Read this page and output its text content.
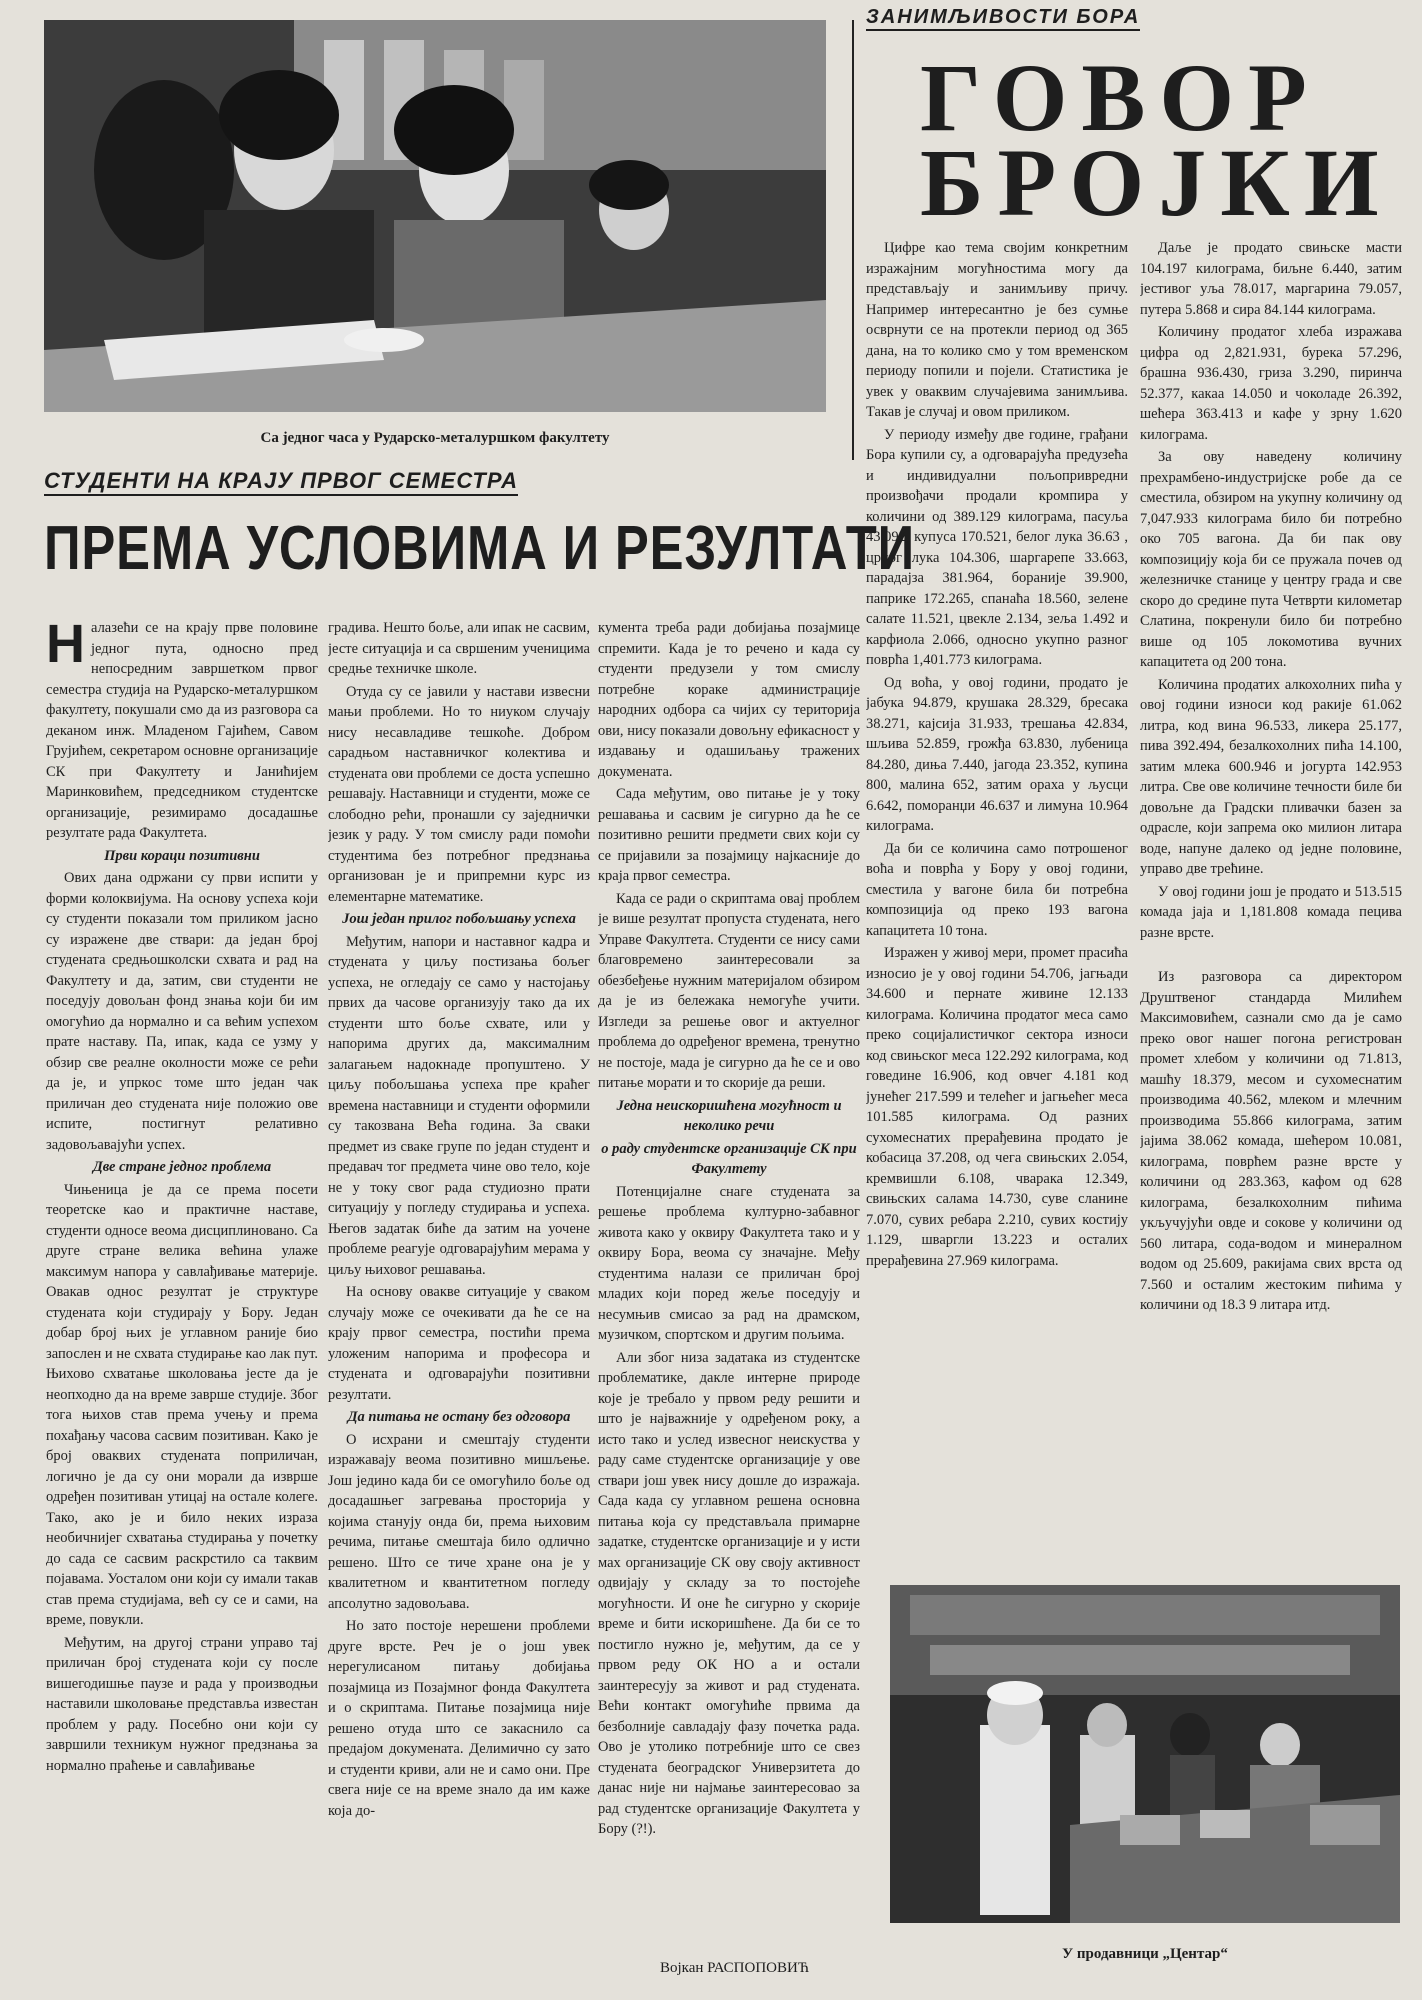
Са једног часа у Рударско-металуршком факултету
СТУДЕНТИ НА КРАЈУ ПРВОГ СЕМЕСТРА
ПРЕМА УСЛОВИМА И РЕЗУЛТАТИ

Налазећи се на крају прве половине једног пута, односно пред непосредним завршетком првог семестра студија на Рударско-металуршком факултету, покушали смо да из разговора са деканом инж. Младеном Гајићем, Савом Грујићем, секретаром основне организације СК при Факултету и Јанићијем Маринковићем, председником студентске организације, резимирамо досадашње резултате рада Факултета.

Први кораци позитивни

Ових дана одржани су први испити у форми колоквијума. На основу успеха који су студенти показали том приликом јасно су изражене две ствари: да један број студената средњошколски схвата и рад на Факултету и да, затим, сви студенти не поседују довољан фонд знања који би им омогућио да нормално и са већим успехом прате наставу. Па, ипак, када се узму у обзир све реалне околности може се рећи да је, и упркос томе што један чак приличан део студената није положио ове испите, постигнут релативно задовољавајући успех.

Две стране једног проблема

Чињеница је да се према посети теоретске као и практичне наставе, студенти односе веома дисциплиновано. Са друге стране велика већина улаже максимум напора у савлађивање материје. Овакав однос резултат је структуре студената који студирају у Бору. Један добар број њих је углавном раније био запослен и не схвата студирање као лак пут. Њихово схватање школовања јесте да је неопходно да на време заврше студије. Због тога њихов став према учењу и према похађању часова сасвим позитиван. Како је број оваквих студената поприличан, логично је да су они морали да изврше одређен позитиван утицај на остале колеге. Тако, ако је и било неких израза необичнијег схватања студирања у почетку до сада се сасвим раскрстило са таквим појавама. Уосталом они који су имали такав став према студијама, већ су се и сами, на време, повукли.

Међутим, на другој страни управо тај приличан број студената који су после вишегодишње паузе и рада у производњи наставили школовање представља известан проблем у раду. Посебно они који су завршили техникум нужног предзнања за нормално праћење и савлађивање

градива. Нешто боље, али ипак не сасвим, јесте ситуација и са свршеним ученицима средње техничке школе.

Отуда су се јавили у настави извесни мањи проблеми. Но то ниуком случају нису несавладиве тешкоће. Добром сарадњом наставничког колектива и студената ови проблеми се доста успешно решавају. Наставници и студенти, може се слободно рећи, пронашли су заједнички језик у раду. У том смислу ради помоћи студентима без потребног предзнања организован је и припремни курс из елементарне математике.

Још један прилог побољшању успеха

Међутим, напори и наставног кадра и студената у циљу постизања бољег успеха, не огледају се само у настојању првих да часове организују тако да их студенти што боље схвате, или у напорима других да, максималним залагањем надокнаде пропуштено. У циљу побољшања успеха пре краћег времена наставници и студенти оформили су такозвана Већа година. За сваки предмет из сваке групе по један студент и предавач тог предмета чине ово тело, које не у току свог рада студиозно прати ситуацију у погледу студирања и успеха. Његов задатак биће да затим на уочене проблеме реагује одговарајућим мерама у циљу њиховог решавања.

На основу овакве ситуације у сваком случају може се очекивати да ће се на крају првог семестра, постићи према уложеним напорима и професора и студената и одговарајући позитивни резултати.

Да питања не остану без одговора

О исхрани и смештају студенти изражавају веома позитивно мишљење. Још једино када би се омогућило боље од досадашњег загревања просторија у којима станују онда би, према њиховим речима, питање смештаја било одлично решено. Што се тиче хране она је у квалитетном и квантитетном погледу апсолутно задовољава.

Но зато постоје нерешени проблеми друге врсте. Реч је о још увек нерегулисаном питању добијања позајмица из Позајмног фонда Факултета и о скриптама. Питање позајмица није решено отуда што се закаснило са предајом докумената. Делимично су зато и студенти криви, али не и само они. Пре свега није се на време знало да им каже која до-

кумента треба ради добијања позајмице спремити. Када је то речено и када су студенти предузели у том смислу потребне кораке администрације народних одбора са чијих су територија ови, нису показали довољну ефикасност у издавању и одашиљању тражених докумената.

Сада међутим, ово питање је у току решавања и сасвим је сигурно да ће се позитивно решити предмети свих који су се пријавили за позајмицу најкасније до краја првог семестра.

Када се ради о скриптама овај проблем је више резултат пропуста студената, него Управе Факултета. Студенти се нису сами благовремено заинтересовали за обезбеђење нужним материјалом обзиром да је из бележака немогуће учити. Изгледи за решење овог и актуелног проблема до одређеног времена, тренутно не постоје, мада је сигурно да ће се и ово питање морати и то скорије да реши.

Једна неискоришћена могућност и неколико речи

о раду студентске организације СК при Факултету

Потенцијалне снаге студената за решење проблема културно-забавног живота како у оквиру Факултета тако и у оквиру Бора, веома су значајне. Међу студентима налази се приличан број младих који поред жеље поседују и несумњив смисао за рад на драмском, музичком, спортском и другим пољима.

Али због низа задатака из студентске проблематике, дакле интерне природе које је требало у првом реду решити и што је најважније у одређеном року, а исто тако и услед извесног неискуства у раду саме студентске организације у ове ствари још увек нису дошле до изражаја. Сада када су углавном решена основна питања која су представљала примарне задатке, студентске организације и у исти мах организације СК ову своју активност одвијају у складу за то постојеће могућности. И оне ће сигурно у скорије време и бити искоришћене. Да би се то постигло нужно је, међутим, да се у првом реду ОК НО а и остали заинтересују за живот и рад студената. Већи контакт омогућиће првима да безболније савладају фазу почетка рада. Ово је утолико потребније што се свез студената београдског Универзитета до данас није ни најмање заинтересовао за рад студентске организације Факултета у Бору (?!).

Војкан РАСПОПОВИЋ
ЗАНИМЉИВОСТИ БОРА
ГОВОР
БРОЈКИ

Цифре као тема својим конкретним изражајним могућностима могу да представљају и занимљиву причу. Например интересантно је без сумње осврнути се на протекли период од 365 дана, на то колико смо у том временском периоду попили и појели. Статистика је увек у оваквим случајевима занимљива. Такав је случај и овом приликом.

У периоду између две године, грађани Бора купили су, а одговарајућа предузећа и индивидуални пољопривредни произвођачи продали кромпира у количини од 389.129 килограма, пасуља 43.092, купуса 170.521, белог лука 36.63 , црног лука 104.306, шаргарепе 33.663, парадајза 381.964, боранијe 39.900, паприке 172.265, спанаћа 18.560, зелене салате 11.521, цвекле 2.134, зеља 1.492 и карфиола 2.066, односно укупно разног поврћа 1,401.773 килограма.

Од воћа, у овој години, продато је јабука 94.879, крушака 28.329, бресака 38.271, кајсија 31.933, трешања 42.834, шљива 52.859, грожђа 63.830, лубеница 84.280, диња 7.440, јагода 23.352, купина 800, малина 652, затим ораха у љусци 6.642, поморанџи 46.637 и лимуна 10.964 килограма.

Да би се количина само потрошеног воћа и поврћа у Бору у овој години, сместила у вагоне била би потребна композиција од преко 193 вагона капацитета 10 тона.

Изражен у живој мери, промет прасића износио је у овој години 54.706, јагњади 34.600 и пернате живине 12.133 килограма. Количина продатог меса само преко социјалистичког сектора износи код свињског меса 122.292 килограма, код говедине 16.906, код овчег 4.181 код јунећег 217.599 и телећег и јагњећег меса 101.585 килограма. Од разних сухомеснатих прерађевина продато је кобасица 37.208, од чега свињских 2.054, кремвишли 6.108, чварака 12.349, свињских салама 14.730, суве сланине 7.070, сувих ребара 2.210, сувих костију 1.129, шваргли 13.223 и осталих прерађевина 27.969 килограма.

Даље је продато свињске масти 104.197 килограма, биљне 6.440, затим јестивог уља 78.017, маргарина 79.057, путера 5.868 и сира 84.144 килограма.

Количину продатог хлеба изражава цифра од 2,821.931, бурека 57.296, брашна 936.430, гриза 3.290, пиринча 52.377, какаа 14.050 и чоколаде 26.392, шећера 363.413 и кафе у зрну 1.620 килограма.

За ову наведену количину прехрамбено-индустријске робе да се сместила, обзиром на укупну количину од 7,047.933 килограма било би потребно око 705 вагона. Да би пак ову композицију која би се пружала почев од железничке станице у центру града и све скоро до средине пута Четврти километар Слатина, покренули било би потребно више од 105 локомотива вучних капацитета од 200 тона.

Количина продатих алкохолних пића у овој години износи код ракије 61.062 литра, код вина 96.533, ликера 25.177, пива 392.494, безалкохолних пића 14.100, затим млека 600.946 и јогурта 142.953 литра. Све ове количине течности биле би довољне да Градски пливачки базен за одрасле, који запрема око милион литара воде, напуне далеко од једне половине, управо две трећине.

У овој години још је продато и 513.515 комада јаја и 1,181.808 комада пецива разне врсте.

Из разговора са директором Друштвеног стандарда Милићем Максимовићем, сазнали смо да је само преко овог нашег погона регистрован промет хлебом у количини од 71.813, машћу 18.379, месом и сухомеснатим производима 40.562, млеком и млечним производима 55.866 килограма, затим јајима 38.062 комада, шећером 10.081, килограма, поврћем разне врсте у количини од 283.363, кафом од 628 килограма, безалкохолним пићима укључујући овде и сокове у количини од 560 литара, сода-водом и минералном водом од 25.609, ракијама свих врста од 7.560 и осталим жестоким пићима у количини од 18.3 9 литара итд.

У продавници „Центар“
